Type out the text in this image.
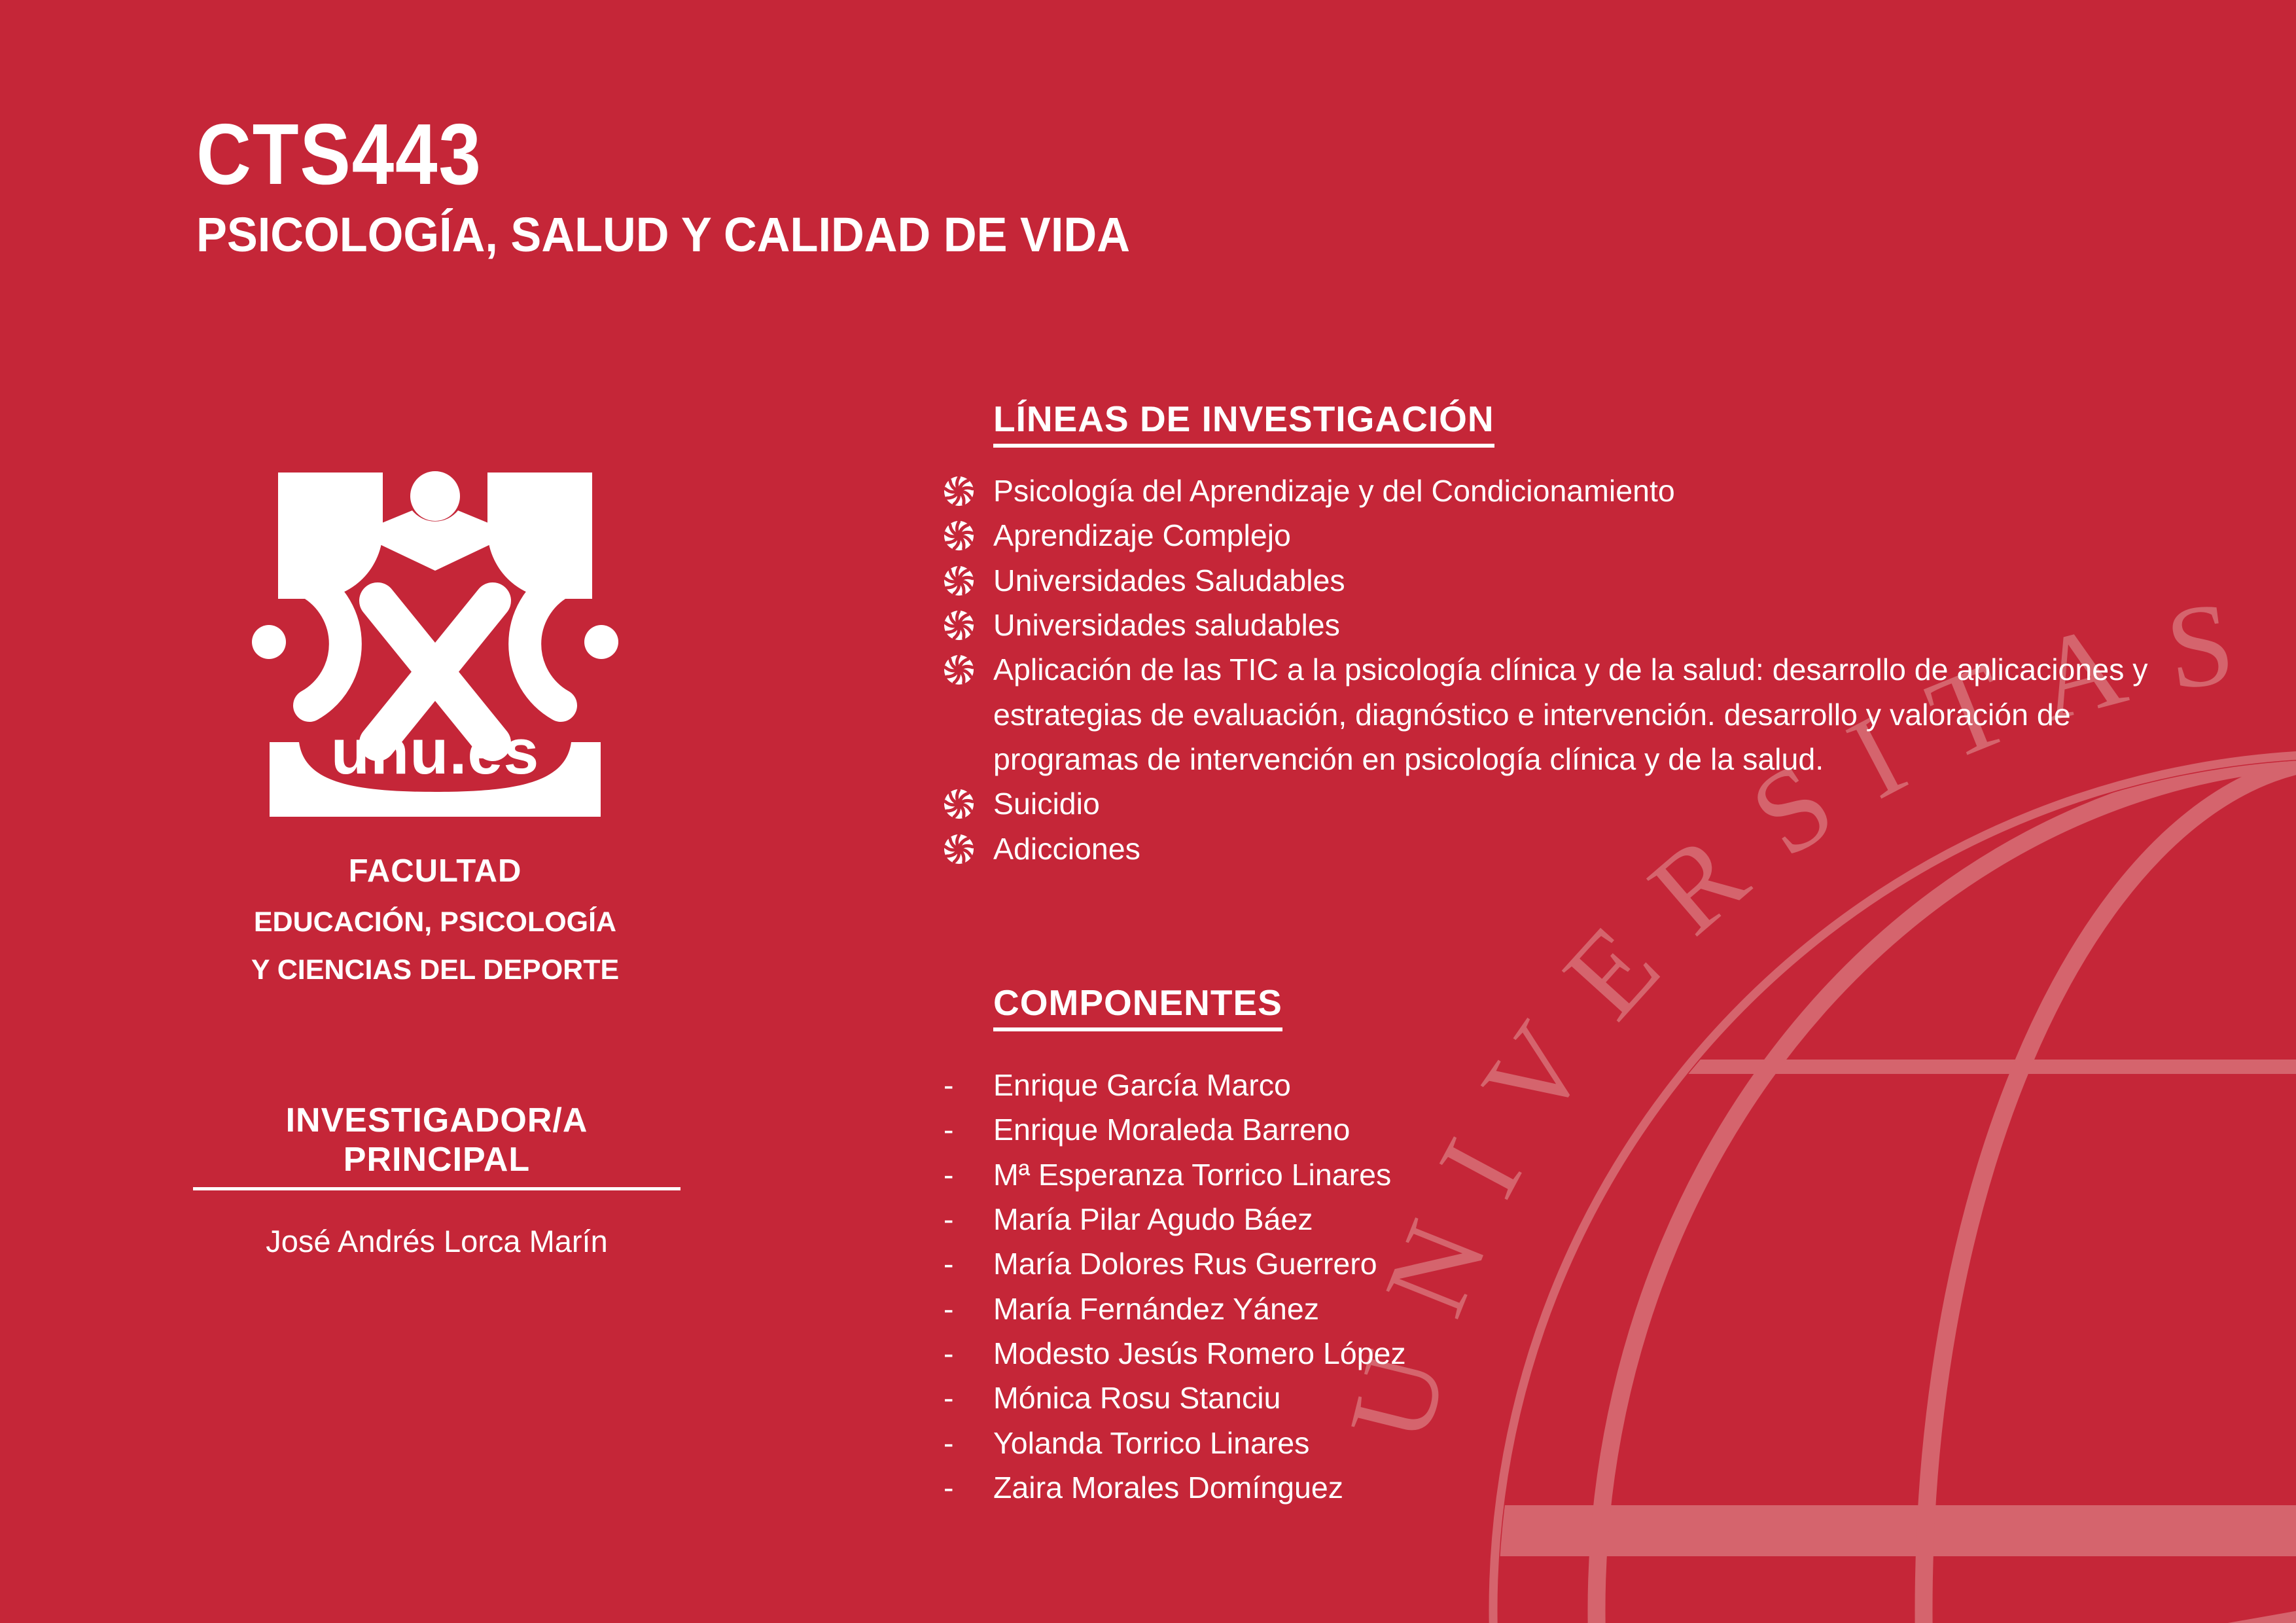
UNIVERSITAS
CTS443
PSICOLOGÍA, SALUD Y CALIDAD DE VIDA
uhu.es
FACULTAD
EDUCACIÓN, PSICOLOGÍA
Y CIENCIAS DEL DEPORTE
INVESTIGADOR/A PRINCIPAL
José Andrés Lorca Marín
LÍNEAS DE INVESTIGACIÓN
Psicología del Aprendizaje y del Condicionamiento
Aprendizaje Complejo
Universidades Saludables
Universidades saludables
Aplicación de las TIC a la psicología clínica y de la salud: desarrollo de aplicaciones y estrategias de evaluación, diagnóstico e intervención. desarrollo y valoración de programas de intervención en psicología clínica y de la salud.
Suicidio
Adicciones
COMPONENTES
-	Enrique García Marco
-	Enrique Moraleda Barreno
-	Mª Esperanza Torrico Linares
-	María Pilar Agudo Báez
-	María Dolores Rus Guerrero
-	María Fernández Yánez
-	Modesto Jesús Romero López
-	Mónica Rosu Stanciu
-	Yolanda Torrico Linares
-	Zaira Morales Domínguez
